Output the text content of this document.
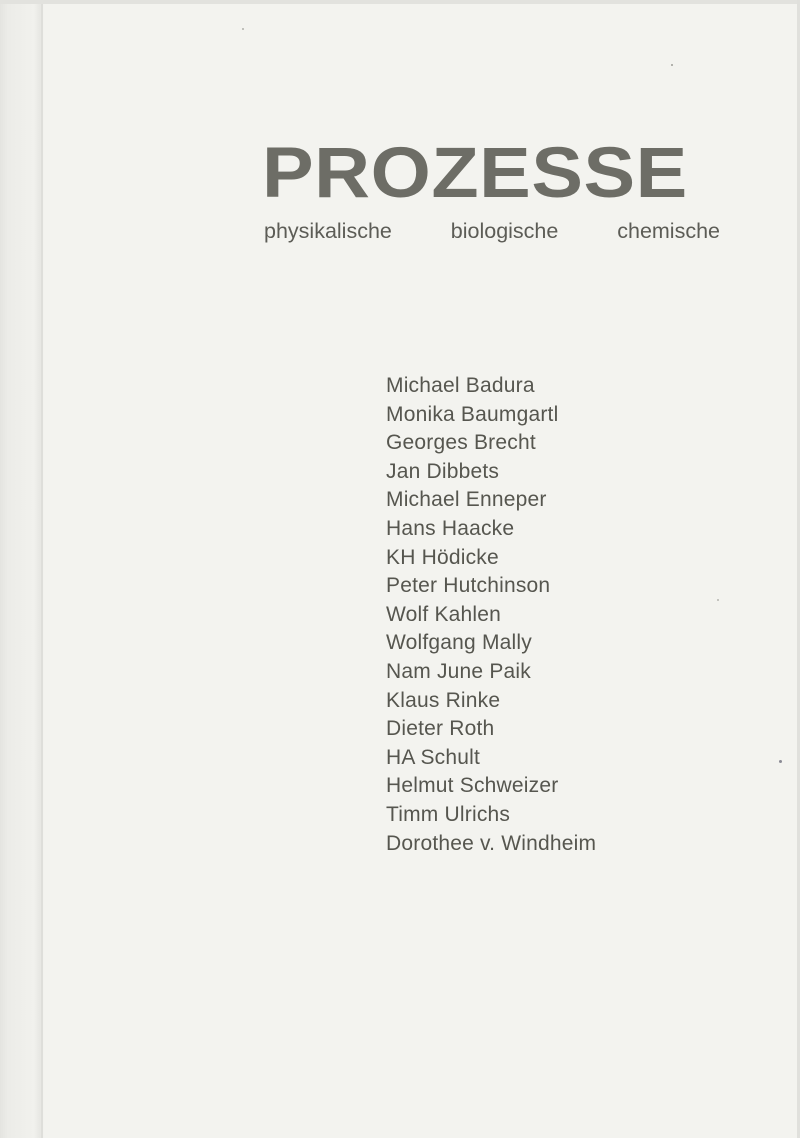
PROZESSE
physikalische	biologische	chemische
Michael Badura
Monika Baumgartl
Georges Brecht
Jan Dibbets
Michael Enneper
Hans Haacke
KH Hödicke
Peter Hutchinson
Wolf Kahlen
Wolfgang Mally
Nam June Paik
Klaus Rinke
Dieter Roth
HA Schult
Helmut Schweizer
Timm Ulrichs
Dorothee v. Windheim
